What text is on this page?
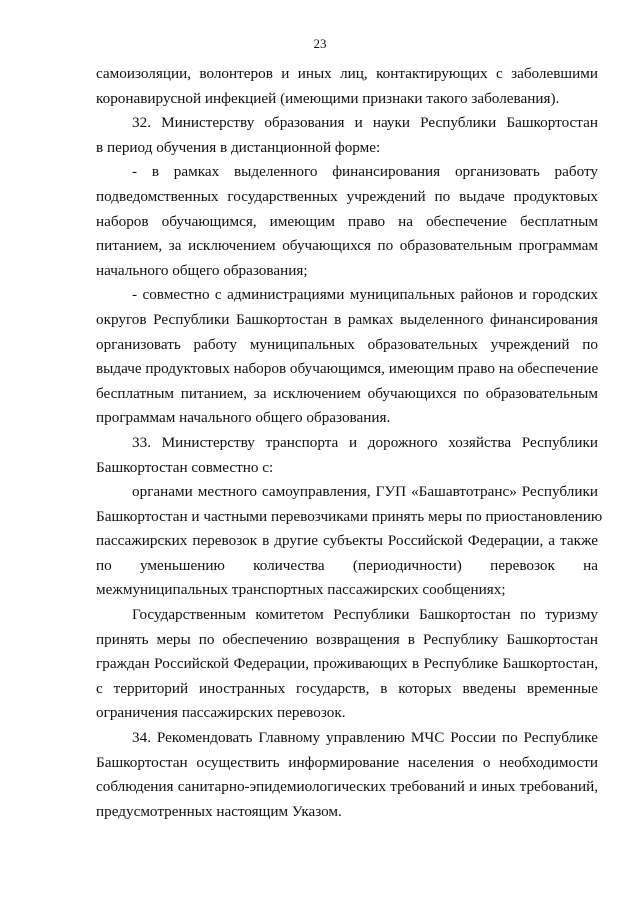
23
самоизоляции, волонтеров и иных лиц, контактирующих с заболевшими
коронавирусной инфекцией (имеющими признаки такого заболевания).
32. Министерству образования и науки Республики Башкортостан
в период обучения в дистанционной форме:
- в рамках выделенного финансирования организовать работу
подведомственных государственных учреждений по выдаче продуктовых
наборов обучающимся, имеющим право на обеспечение бесплатным
питанием, за исключением обучающихся по образовательным программам
начального общего образования;
- совместно с администрациями муниципальных районов и городских
округов Республики Башкортостан в рамках выделенного финансирования
организовать работу муниципальных образовательных учреждений по
выдаче продуктовых наборов обучающимся, имеющим право на обеспечение
бесплатным питанием, за исключением обучающихся по образовательным
программам начального общего образования.
33. Министерству транспорта и дорожного хозяйства Республики
Башкортостан совместно с:
органами местного самоуправления, ГУП «Башавтотранс» Республики
Башкортостан и частными перевозчиками принять меры по приостановлению
пассажирских перевозок в другие субъекты Российской Федерации, а также
по уменьшению количества (периодичности) перевозок на
межмуниципальных транспортных пассажирских сообщениях;
Государственным комитетом Республики Башкортостан по туризму
принять меры по обеспечению возвращения в Республику Башкортостан
граждан Российской Федерации, проживающих в Республике Башкортостан,
с территорий иностранных государств, в которых введены временные
ограничения пассажирских перевозок.
34. Рекомендовать Главному управлению МЧС России по Республике
Башкортостан осуществить информирование населения о необходимости
соблюдения санитарно-эпидемиологических требований и иных требований,
предусмотренных настоящим Указом.
